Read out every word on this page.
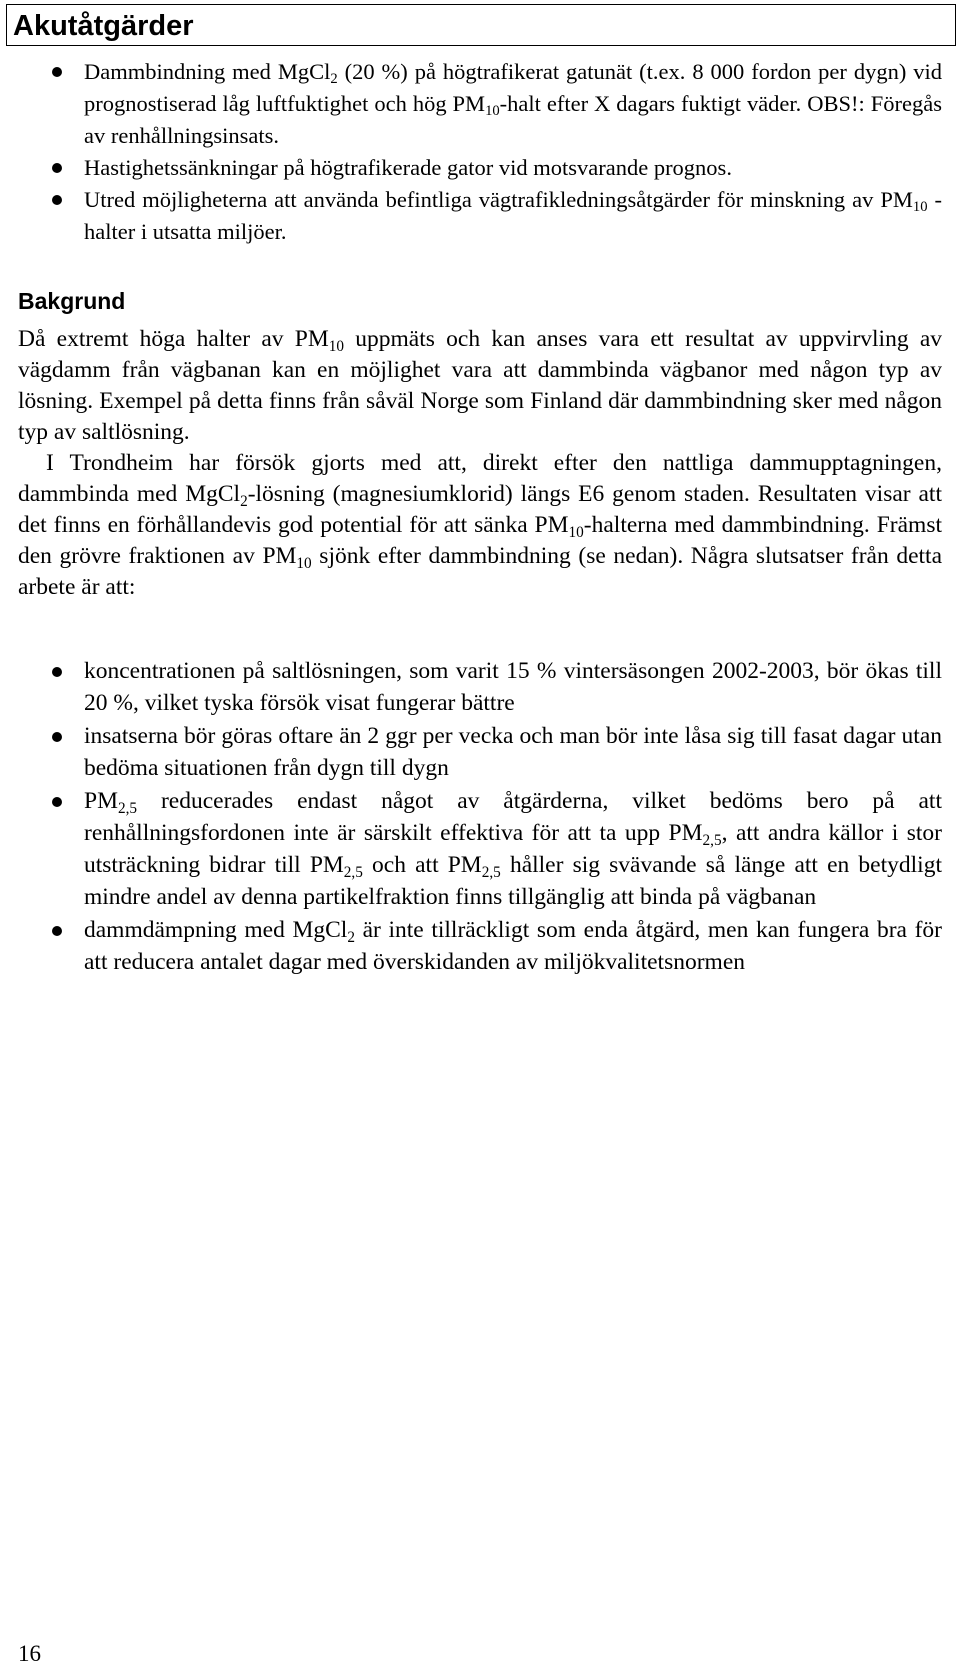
Akutåtgärder
Dammbindning med MgCl$_2$ (20 %) på högtrafikerat gatunät (t.ex. 8 000 fordon per dygn) vid prognostiserad låg luftfuktighet och hög $PM_{10}$-halt efter X dagars fuktigt väder. OBS!: Föregås av renhållningsinsats.
Hastighetssänkningar på högtrafikerade gator vid motsvarande prognos.
Utred möjligheterna att använda befintliga vägtrafikledningsåtgärder för minskning av $PM_{10}$ -halter i utsatta miljöer.
Bakgrund

Då extremt höga halter av $PM_{10}$ uppmäts och kan anses vara ett resultat av uppvirvling av vägdamm från vägbanan kan en möjlighet vara att dammbinda vägbanor med någon typ av lösning. Exempel på detta finns från såväl Norge som Finland där dammbindning sker med någon typ av saltlösning.

I Trondheim har försök gjorts med att, direkt efter den nattliga dammupptagningen, dammbinda med MgCl$_2$-lösning (magnesiumklorid) längs E6 genom staden. Resultaten visar att det finns en förhållandevis god potential för att sänka $PM_{10}$-halterna med dammbindning. Främst den grövre fraktionen av $PM_{10}$ sjönk efter dammbindning (se nedan). Några slutsatser från detta arbete är att:

koncentrationen på saltlösningen, som varit 15 % vintersäsongen 2002-2003, bör ökas till 20 %, vilket tyska försök visat fungerar bättre
insatserna bör göras oftare än 2 ggr per vecka och man bör inte låsa sig till fasat dagar utan bedöma situationen från dygn till dygn
$PM_{2,5}$ reducerades endast något av åtgärderna, vilket bedöms bero på att renhållningsfordonen inte är särskilt effektiva för att ta upp $PM_{2,5}$, att andra källor i stor utsträckning bidrar till $PM_{2,5}$ och att $PM_{2,5}$ håller sig svävande så länge att en betydligt mindre andel av denna partikelfraktion finns tillgänglig att binda på vägbanan
dammdämpning med MgCl$_2$ är inte tillräckligt som enda åtgärd, men kan fungera bra för att reducera antalet dagar med överskidanden av miljökvalitetsnormen
16
